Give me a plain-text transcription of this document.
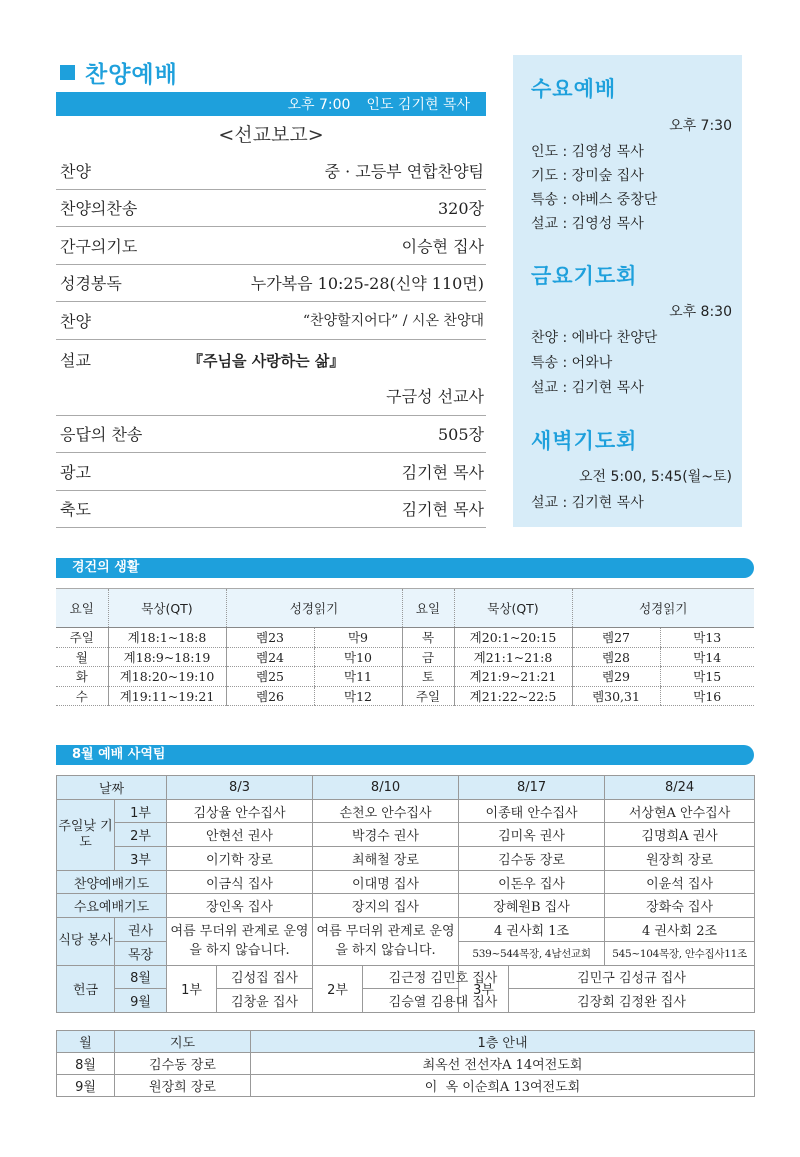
찬양예배
오후 7:00 인도 김기현 목사
<선교보고>
찬양	중 · 고등부 연합찬양팀
찬양의찬송	320장
간구의기도	이승현 집사
성경봉독	누가복음 10:25-28(신약 110면)
찬양	“찬양할지어다” / 시온 찬양대
설교	『주님을 사랑하는 삶』
구금성 선교사
응답의 찬송	505장
광고	김기현 목사
축도	김기현 목사
수요예배
오후 7:30
인도 : 김영성 목사
기도 : 장미숲 집사
특송 : 야베스 중창단
설교 : 김영성 목사
금요기도회
오후 8:30
찬양 : 에바다 찬양단
특송 : 어와나
설교 : 김기현 목사
새벽기도회
오전 5:00, 5:45(월~토)
설교 : 김기현 목사
경건의 생활
요일	묵상(QT)	성경읽기		요일	묵상(QT)	성경읽기	
주일	계18:1~18:8	렘23	막9	목	계20:1~20:15	렘27	막13
월	계18:9~18:19	렘24	막10	금	계21:1~21:8	렘28	막14
화	계18:20~19:10	렘25	막11	토	계21:9~21:21	렘29	막15
수	계19:11~19:21	렘26	막12	주일	계21:22~22:5	렘30,31	막16
8월 예배 사역팀
날짜		8/3		8/10		8/17		8/24
주일낮 기도	1부	김상율 안수집사		손천오 안수집사		이종태 안수집사		서상현A 안수집사
	2부	안현선 권사		박경수 권사		김미옥 권사		김명희A 권사
	3부	이기학 장로		최해철 장로		김수동 장로		원장희 장로
찬양예배기도		이금식 집사		이대명 집사		이돈우 집사		이윤석 집사
수요예배기도		장인옥 집사		장지의 집사		장혜원B 집사		장화숙 집사
식당 봉사	권사	여름 무더위 관계로 운영을 하지 않습니다.		여름 무더위 관계로 운영을 하지 않습니다.		4 권사회 1조		4 권사회 2조
	목장					539~544목장, 4남선교회		545~104목장, 안수집사11조
헌금	8월	1부	김성집 집사	2부	김근정 김민호 집사	3부	김민구 김성규 집사	
	9월		김창윤 집사		김승열 김용대 집사		김장회 김정완 집사	
월	지도	1층 안내
8월	김수동 장로	최옥선 전선자A 14여전도회
9월	원장희 장로	이  옥 이순희A 13여전도회
